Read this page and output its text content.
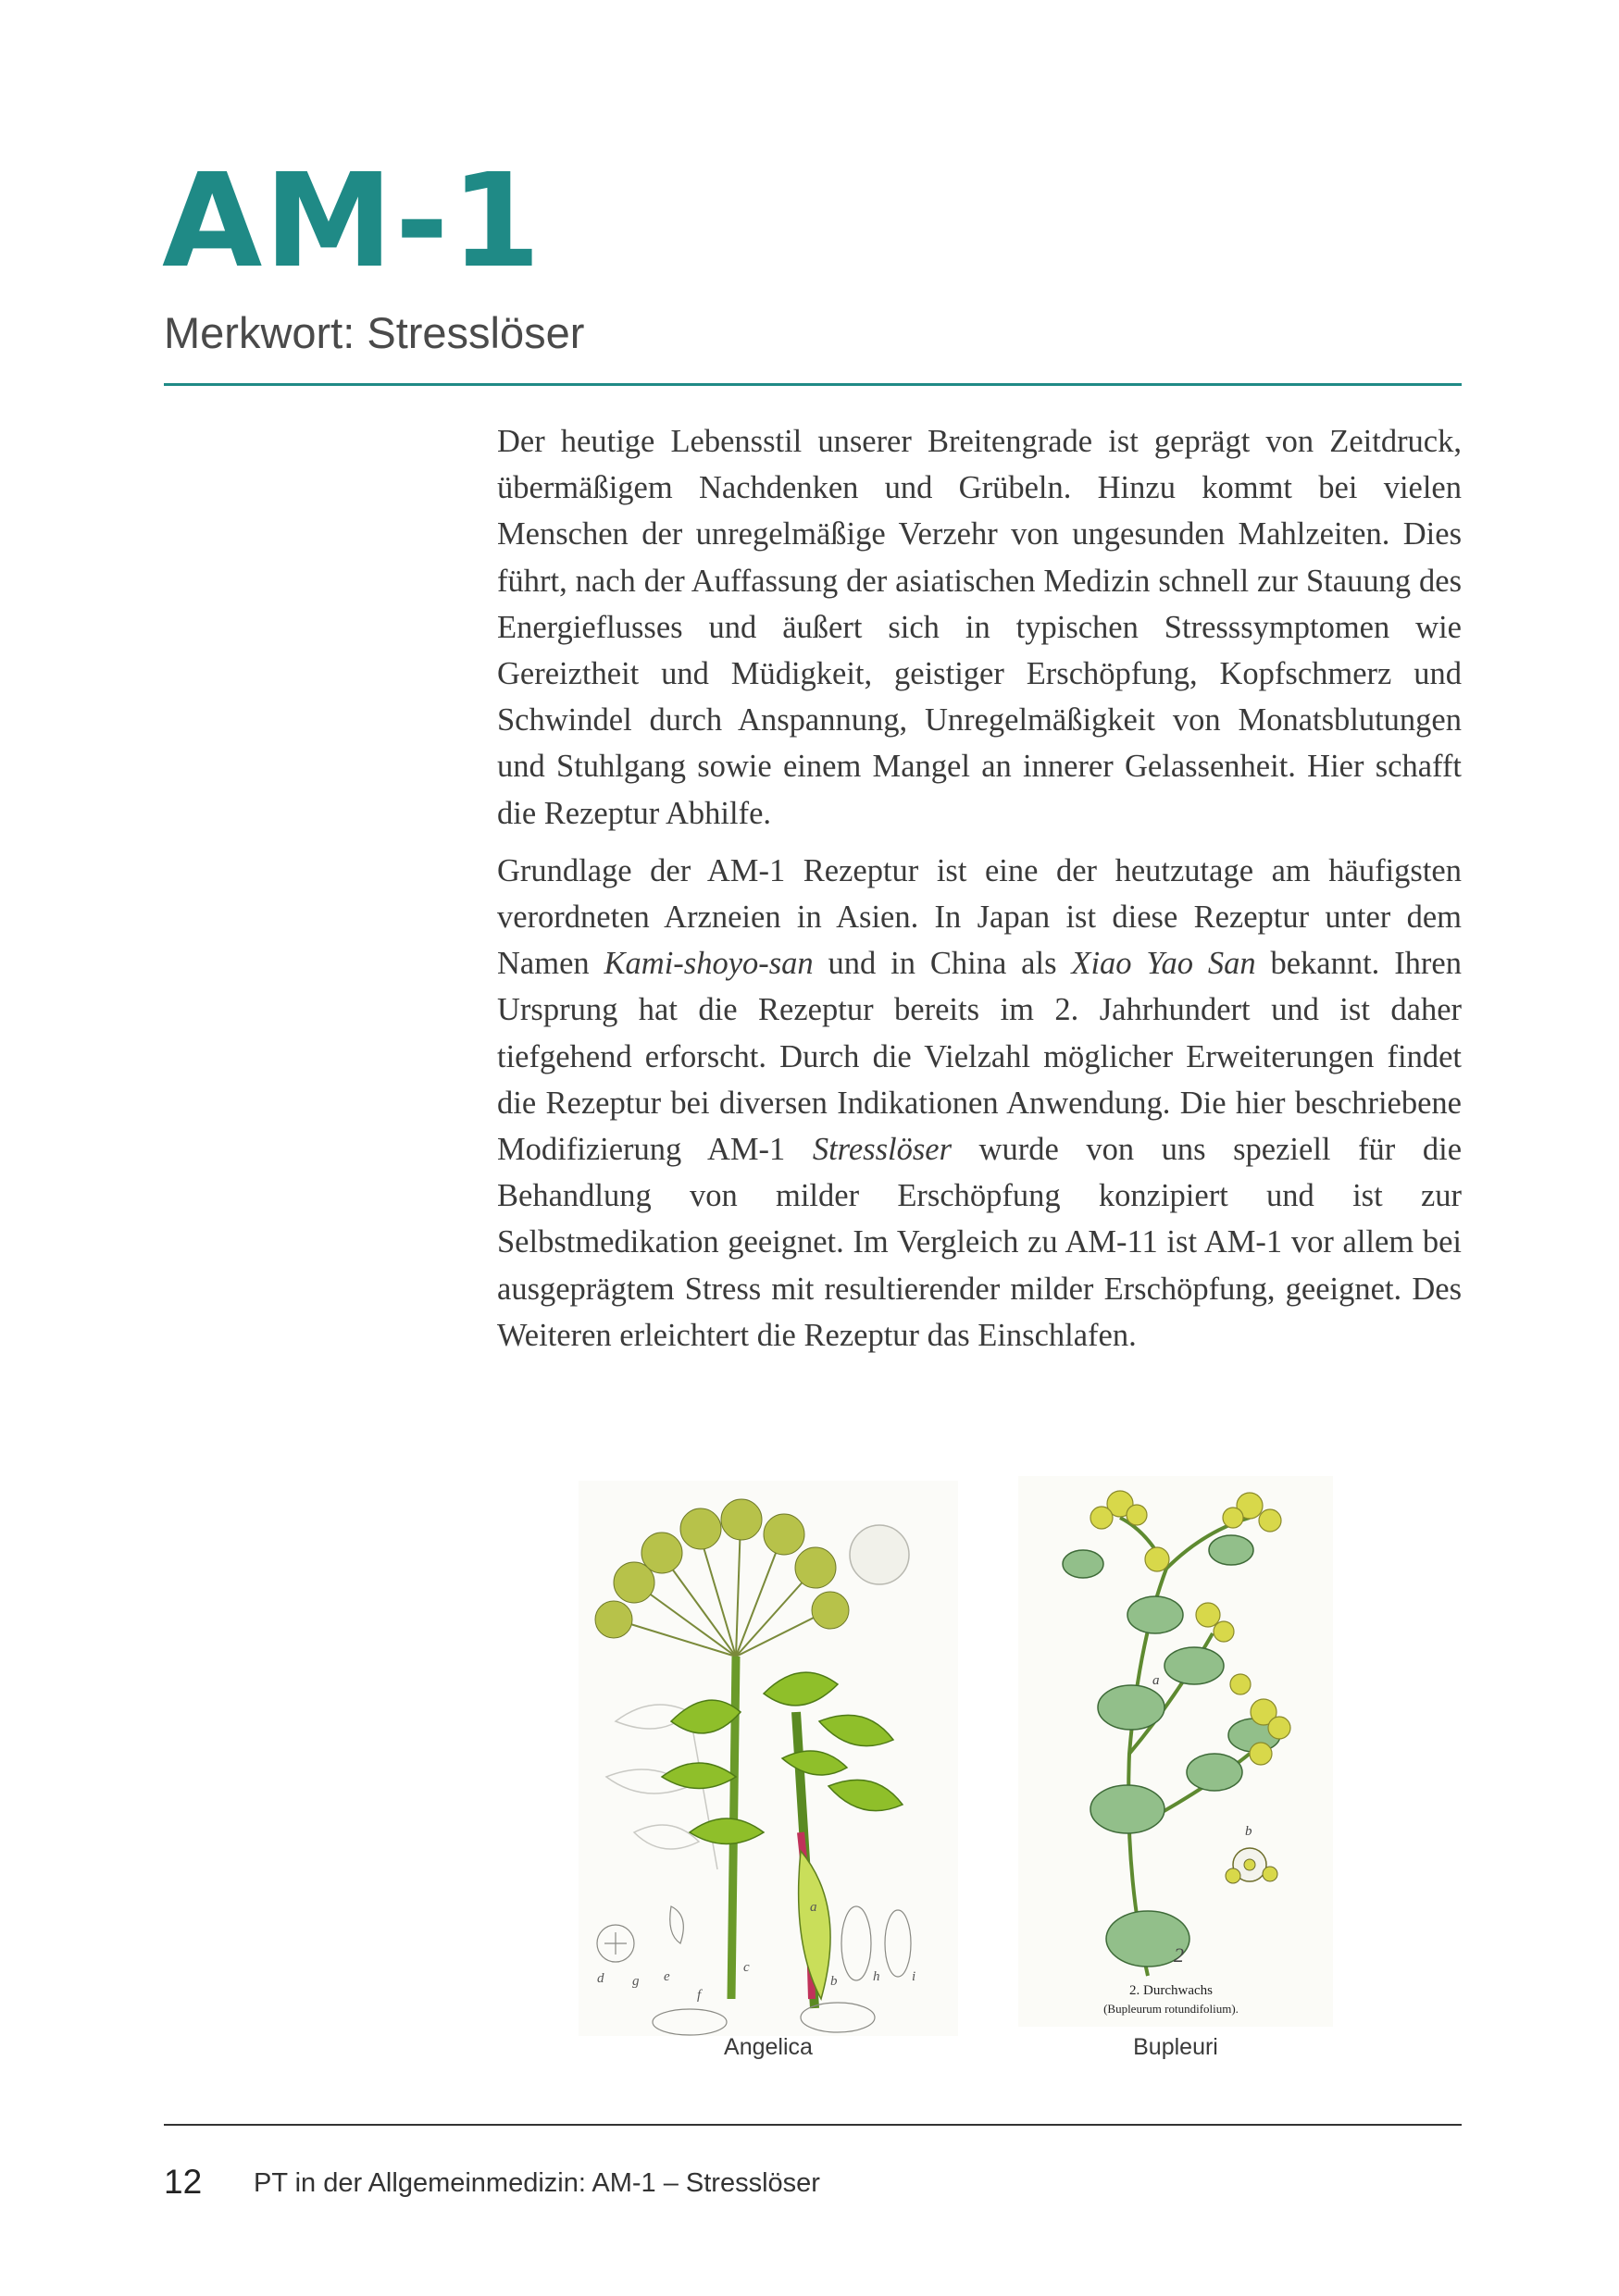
AM-1
Merkwort: Stresslöser

Der heutige Lebensstil unserer Breitengrade ist geprägt von Zeitdruck, übermäßigem Nachdenken und Grübeln. Hinzu kommt bei vielen Menschen der unregelmäßige Verzehr von ungesunden Mahlzeiten. Dies führt, nach der Auffassung der asiatischen Medizin schnell zur Stauung des Energieflusses und äußert sich in typischen Stresssymptomen wie Gereiztheit und Müdigkeit, geistiger Erschöpfung, Kopfschmerz und Schwindel durch Anspannung, Unregelmäßigkeit von Monatsblutungen und Stuhlgang sowie einem Mangel an innerer Gelassenheit. Hier schafft die Rezeptur Abhilfe.

Grundlage der AM-1 Rezeptur ist eine der heutzutage am häufigsten verordneten Arzneien in Asien. In Japan ist diese Rezeptur unter dem Namen Kami-shoyo-san und in China als Xiao Yao San bekannt. Ihren Ursprung hat die Rezeptur bereits im 2. Jahrhundert und ist daher tiefgehend erforscht. Durch die Vielzahl möglicher Erweiterungen findet die Rezeptur bei diversen Indikationen Anwendung. Die hier beschriebene Modifizierung AM-1 Stresslöser wurde von uns speziell für die Behandlung von milder Erschöpfung konzipiert und ist zur Selbstmedikation geeignet. Im Vergleich zu AM-11 ist AM-1 vor allem bei ausgeprägtem Stress mit resultierender milder Erschöpfung, geeignet. Des Weiteren erleichtert die Rezeptur das Einschlafen.

a
b
c
d	e
f
g	h i
Angelica
a
b
2
2. Durchwachs
(Bupleurum rotundifolium).
Bupleuri
12 PT in der Allgemeinmedizin: AM-1 – Stresslöser
